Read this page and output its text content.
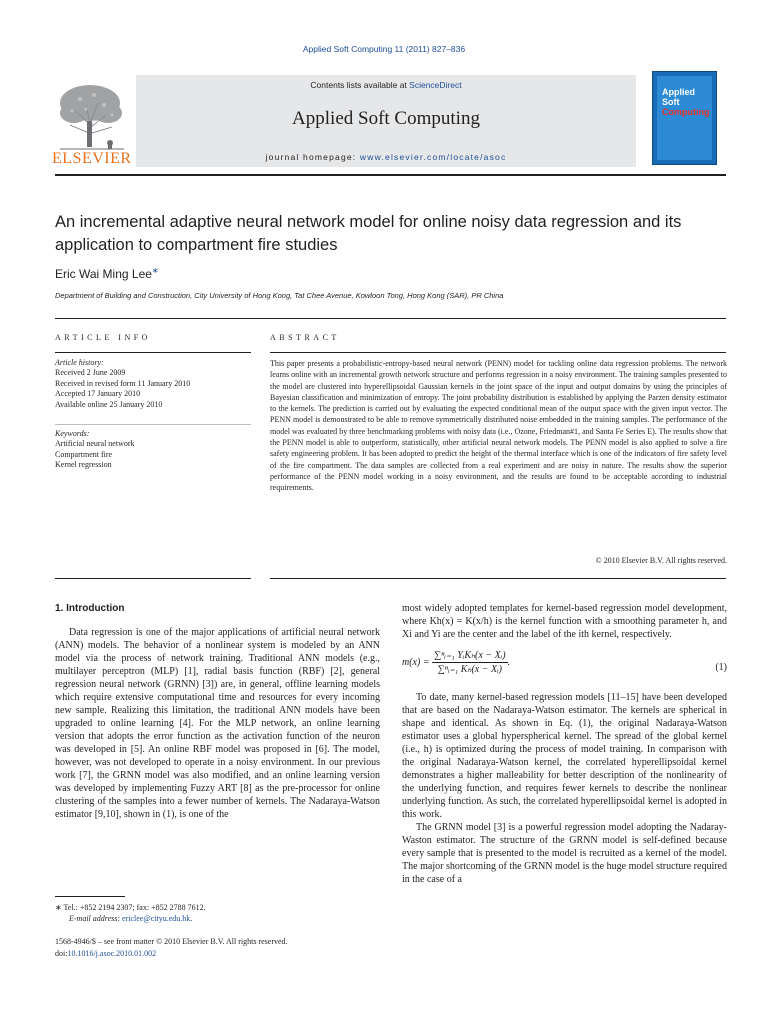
Applied Soft Computing 11 (2011) 827–836
ELSEVIER
Contents lists available at ScienceDirect
Applied Soft Computing
journal homepage: www.elsevier.com/locate/asoc
Applied
Soft
Computing
An incremental adaptive neural network model for online noisy data regression and its application to compartment fire studies
Eric Wai Ming Lee∗
Department of Building and Construction, City University of Hong Kong, Tat Chee Avenue, Kowloon Tong, Hong Kong (SAR), PR China
ARTICLE INFO	ABSTRACT
Article history:
Received 2 June 2009
Received in revised form 11 January 2010
Accepted 17 January 2010
Available online 25 January 2010
Keywords:
Artificial neural network
Compartment fire
Kernel regression
This paper presents a probabilistic-entropy-based neural network (PENN) model for tackling online data regression problems. The network learns online with an incremental growth network structure and performs regression in a noisy environment. The training samples presented to the model are clustered into hyperellipsoidal Gaussian kernels in the joint space of the input and output domains by using the principles of Bayesian classification and minimization of entropy. The joint probability distribution is established by applying the Parzen density estimator to the kernels. The prediction is carried out by evaluating the expected conditional mean of the output space with the given input vector. The PENN model is demonstrated to be able to remove symmetrically distributed noise embedded in the training samples. The performance of the model was evaluated by three benchmarking problems with noisy data (i.e., Ozone, Friedman#1, and Santa Fe Series E). The results show that the PENN model is able to outperform, statistically, other artificial neural network models. The PENN model is also applied to solve a fire safety engineering problem. It has been adopted to predict the height of the thermal interface which is one of the indicators of fire safety level of the fire compartment. The data samples are collected from a real experiment and are noisy in nature. The results show the superior performance of the PENN model working in a noisy environment, and the results are found to be acceptable according to industrial requirements.
© 2010 Elsevier B.V. All rights reserved.

1. Introduction

Data regression is one of the major applications of artificial neural network (ANN) models. The behavior of a nonlinear system is modeled by an ANN model via the process of network training. Traditional ANN models (e.g., multilayer perceptron (MLP) [1], radial basis function (RBF) [2], general regression neural network (GRNN) [3]) are, in general, offline learning models which require extensive computational time and resources for every incoming new sample. Realizing this limitation, the traditional ANN models have been upgraded to online learning [4]. For the MLP network, an online learning version that adopts the error function as the activation function of the neuron was developed in [5]. An online RBF model was proposed in [6]. The model, however, was not developed to operate in a noisy environment. In our previous work [7], the GRNN model was also modified, and an online learning version was developed by implementing Fuzzy ART [8] as the pre-processor for online clustering of the samples into a fewer number of kernels. The Nadaraya-Watson estimator [9,10], shown in (1), is one of the

most widely adopted templates for kernel-based regression model development, where Kh(x) = K(x/h) is the kernel function with a smoothing parameter h, and Xi and Yi are the center and the label of the ith kernel, respectively.

$m(x) = \frac{\text{∑ⁿᵢ₌₁ YᵢKₕ(x − Xᵢ)}}{\text{∑ⁿᵢ₌₁ Kₕ(x − Xᵢ)}}$ .	(1)

To date, many kernel-based regression models [11–15] have been developed that are based on the Nadaraya-Watson estimator. The kernels are spherical in shape and identical. As shown in Eq. (1), the original Nadaraya-Watson estimator uses a global hyperspherical kernel. The spread of the global kernel (i.e., h) is optimized during the process of model training. In comparison with the original Nadaraya-Watson kernel, the correlated hyperellipsoidal kernel demonstrates a higher malleability for better description of the nonlinearity of the underlying function, and requires fewer kernels to describe the nonlinear underlying function. As such, the correlated hyperellipsoidal kernel is adopted in this work.

The GRNN model [3] is a powerful regression model adopting the Nadaray-Waston estimator. The structure of the GRNN model is self-defined because every sample that is presented to the model is recruited as a kernel of the model. The major shortcoming of the GRNN model is the huge model structure required in the case of a

∗ Tel.: +852 2194 2307; fax: +852 2788 7612.
E-mail address: ericlee@cityu.edu.hk.
1568-4946/$ – see front matter © 2010 Elsevier B.V. All rights reserved.
doi:10.1016/j.asoc.2010.01.002
